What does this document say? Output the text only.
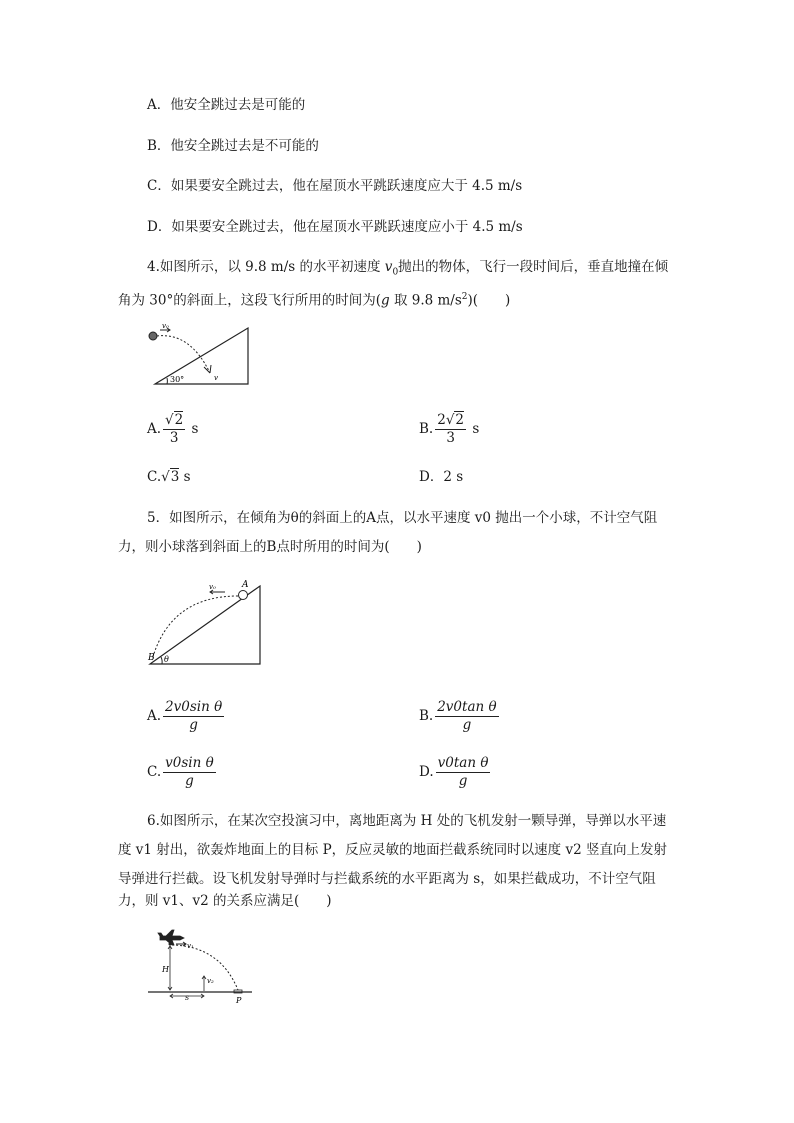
A．他安全跳过去是可能的
B．他安全跳过去是不可能的
C．如果要安全跳过去，他在屋顶水平跳跃速度应大于 4.5 m/s
D．如果要安全跳过去，他在屋顶水平跳跃速度应小于 4.5 m/s
4.如图所示，以 9.8 m/s 的水平初速度 $v_0$抛出的物体，飞行一段时间后，垂直地撞在倾
角为 30°的斜面上，这段飞行所用的时间为(g 取 9.8 $m/s^2$)(　　)
v₀
v
30°
A. $\frac{√2}{3}$ s	B. $\frac{2√2}{3}$ s
C.√3 s	D．2 s
5．如图所示，在倾角为θ的斜面上的A点，以水平速度 v0 抛出一个小球，不计空气阻
力，则小球落到斜面上的B点时所用的时间为(　　)
v₀	A
B θ
A. $\frac{\text{2v0sin θ}}{g}$	B. $\frac{\text{2v0tan θ}}{g}$
C. $\frac{\text{v0sin θ}}{g}$	D. $\frac{\text{v0tan θ}}{g}$
6.如图所示，在某次空投演习中，离地距离为 H 处的飞机发射一颗导弹，导弹以水平速
度 v1 射出，欲轰炸地面上的目标 P，反应灵敏的地面拦截系统同时以速度 v2 竖直向上发射
导弹进行拦截。设飞机发射导弹时与拦截系统的水平距离为 s，如果拦截成功，不计空气阻
力，则 v1、v2 的关系应满足(　　)
v₁
H
v₂
s	P
